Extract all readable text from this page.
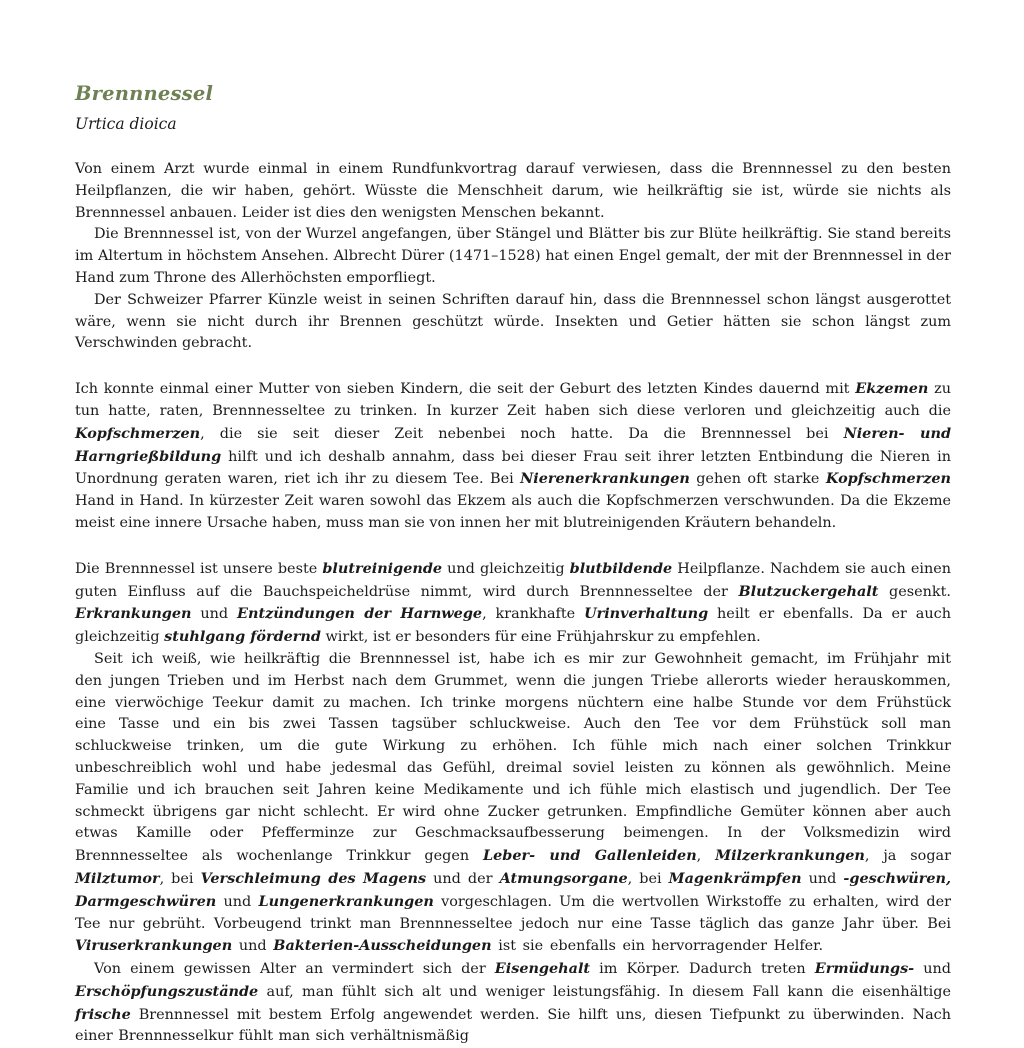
Brennnessel
Urtica dioica

Von einem Arzt wurde einmal in einem Rundfunkvortrag darauf verwiesen, dass die Brennnessel zu den besten Heilpflanzen, die wir haben, gehört. Wüsste die Menschheit darum, wie heilkräftig sie ist, würde sie nichts als Brennnessel anbauen. Leider ist dies den wenigsten Menschen bekannt.

Die Brennnessel ist, von der Wurzel angefangen, über Stängel und Blätter bis zur Blüte heilkräftig. Sie stand bereits im Altertum in höchstem Ansehen. Albrecht Dürer (1471–1528) hat einen Engel gemalt, der mit der Brennnessel in der Hand zum Throne des Allerhöchsten emporfliegt.

Der Schweizer Pfarrer Künzle weist in seinen Schriften darauf hin, dass die Brennnessel schon längst ausgerottet wäre, wenn sie nicht durch ihr Brennen geschützt würde. Insekten und Getier hätten sie schon längst zum Verschwinden gebracht.

Ich konnte einmal einer Mutter von sieben Kindern, die seit der Geburt des letzten Kindes dauernd mit Ekzemen zu tun hatte, raten, Brennnesseltee zu trinken. In kurzer Zeit haben sich diese verloren und gleichzeitig auch die Kopfschmerzen, die sie seit dieser Zeit nebenbei noch hatte. Da die Brennnessel bei Nieren- und Harngrießbildung hilft und ich deshalb annahm, dass bei dieser Frau seit ihrer letzten Entbindung die Nieren in Unordnung geraten waren, riet ich ihr zu diesem Tee. Bei Nierenerkrankungen gehen oft starke Kopfschmerzen Hand in Hand. In kürzester Zeit waren sowohl das Ekzem als auch die Kopfschmerzen verschwunden. Da die Ekzeme meist eine innere Ursache haben, muss man sie von innen her mit blutreinigenden Kräutern behandeln.

Die Brennnessel ist unsere beste blutreinigende und gleichzeitig blutbildende Heilpflanze. Nachdem sie auch einen guten Einfluss auf die Bauchspeicheldrüse nimmt, wird durch Brennnesseltee der Blutzuckergehalt gesenkt. Erkrankungen und Entzündungen der Harnwege, krankhafte Urinverhaltung heilt er ebenfalls. Da er auch gleichzeitig stuhlgang fördernd wirkt, ist er besonders für eine Frühjahrskur zu empfehlen.

Seit ich weiß, wie heilkräftig die Brennnessel ist, habe ich es mir zur Gewohnheit gemacht, im Frühjahr mit den jungen Trieben und im Herbst nach dem Grummet, wenn die jungen Triebe allerorts wieder herauskommen, eine vierwöchige Teekur damit zu machen. Ich trinke morgens nüchtern eine halbe Stunde vor dem Frühstück eine Tasse und ein bis zwei Tassen tagsüber schluckweise. Auch den Tee vor dem Frühstück soll man schluckweise trinken, um die gute Wirkung zu erhöhen. Ich fühle mich nach einer solchen Trinkkur unbeschreiblich wohl und habe jedesmal das Gefühl, dreimal soviel leisten zu können als gewöhnlich. Meine Familie und ich brauchen seit Jahren keine Medikamente und ich fühle mich elastisch und jugendlich. Der Tee schmeckt übrigens gar nicht schlecht. Er wird ohne Zucker getrunken. Empfindliche Gemüter können aber auch etwas Kamille oder Pfefferminze zur Geschmacksaufbesserung beimengen. In der Volksmedizin wird Brennnesseltee als wochenlange Trinkkur gegen Leber- und Gallenleiden, Milzerkrankungen, ja sogar Milztumor, bei Verschleimung des Magens und der Atmungsorgane, bei Magenkrämpfen und -geschwüren, Darmgeschwüren und Lungenerkrankungen vorgeschlagen. Um die wertvollen Wirkstoffe zu erhalten, wird der Tee nur gebrüht. Vorbeugend trinkt man Brennnesseltee jedoch nur eine Tasse täglich das ganze Jahr über. Bei Viruserkrankungen und Bakterien-Ausscheidungen ist sie ebenfalls ein hervorragender Helfer.

Von einem gewissen Alter an vermindert sich der Eisengehalt im Körper. Dadurch treten Ermüdungs- und Erschöpfungszustände auf, man fühlt sich alt und weniger leistungsfähig. In diesem Fall kann die eisenhältige frische Brennnessel mit bestem Erfolg angewendet werden. Sie hilft uns, diesen Tiefpunkt zu überwinden. Nach einer Brennnesselkur fühlt man sich verhältnismäßig
